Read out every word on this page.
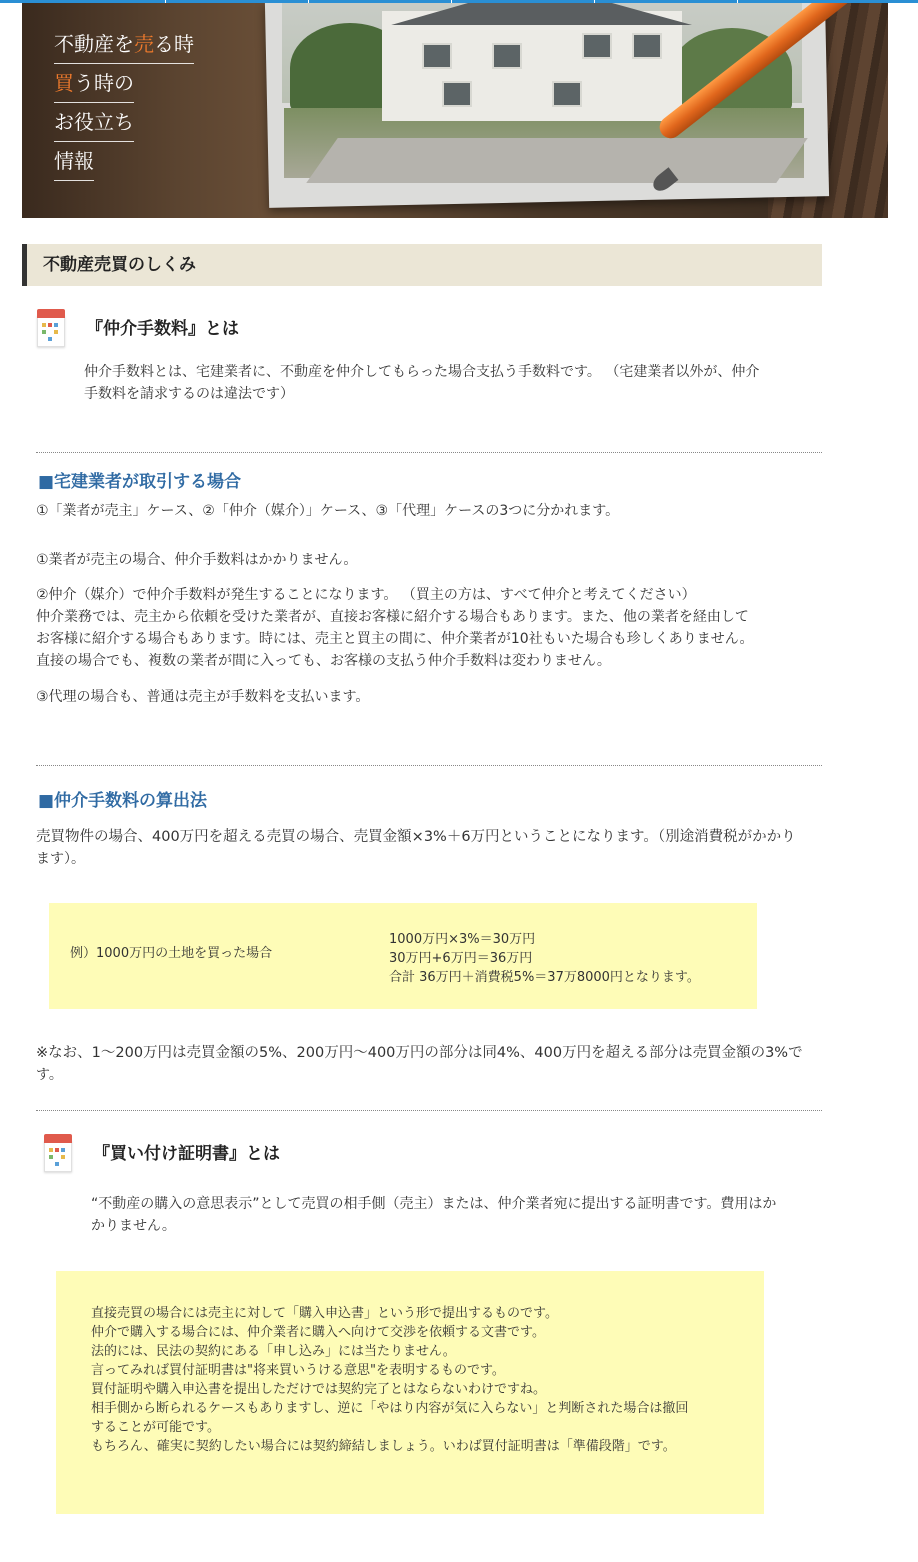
不動産を売る時
買う時の
お役立ち
情報
不動産売買のしくみ
『仲介手数料』とは
仲介手数料とは、宅建業者に、不動産を仲介してもらった場合支払う手数料です。 （宅建業者以外が、仲介
手数料を請求するのは違法です）
■宅建業者が取引する場合
①「業者が売主」ケース、②「仲介（媒介）」ケース、③「代理」ケースの3つに分かれます。
①業者が売主の場合、仲介手数料はかかりません。
②仲介（媒介）で仲介手数料が発生することになります。 （買主の方は、すべて仲介と考えてください）
仲介業務では、売主から依頼を受けた業者が、直接お客様に紹介する場合もあります。また、他の業者を経由して
お客様に紹介する場合もあります。時には、売主と買主の間に、仲介業者が10社もいた場合も珍しくありません。
直接の場合でも、複数の業者が間に入っても、お客様の支払う仲介手数料は変わりません。
③代理の場合も、普通は売主が手数料を支払います。
■仲介手数料の算出法
売買物件の場合、400万円を超える売買の場合、売買金額×3%＋6万円ということになります。（別途消費税がかかり
ます）。
例）1000万円の土地を買った場合
1000万円×3%＝30万円
30万円+6万円＝36万円
合計 36万円＋消費税5%＝37万8000円となります。
※なお、1～200万円は売買金額の5%、200万円～400万円の部分は同4%、400万円を超える部分は売買金額の3%で
す。
『買い付け証明書』とは
“不動産の購入の意思表示”として売買の相手側（売主）または、仲介業者宛に提出する証明書です。費用はか
かりません。
直接売買の場合には売主に対して「購入申込書」という形で提出するものです。
仲介で購入する場合には、仲介業者に購入へ向けて交渉を依頼する文書です。
法的には、民法の契約にある「申し込み」には当たりません。
言ってみれば買付証明書は"将来買いうける意思"を表明するものです。
買付証明や購入申込書を提出しただけでは契約完了とはならないわけですね。
相手側から断られるケースもありますし、逆に「やはり内容が気に入らない」と判断された場合は撤回
することが可能です。
もちろん、確実に契約したい場合には契約締結しましょう。いわば買付証明書は「準備段階」です。
